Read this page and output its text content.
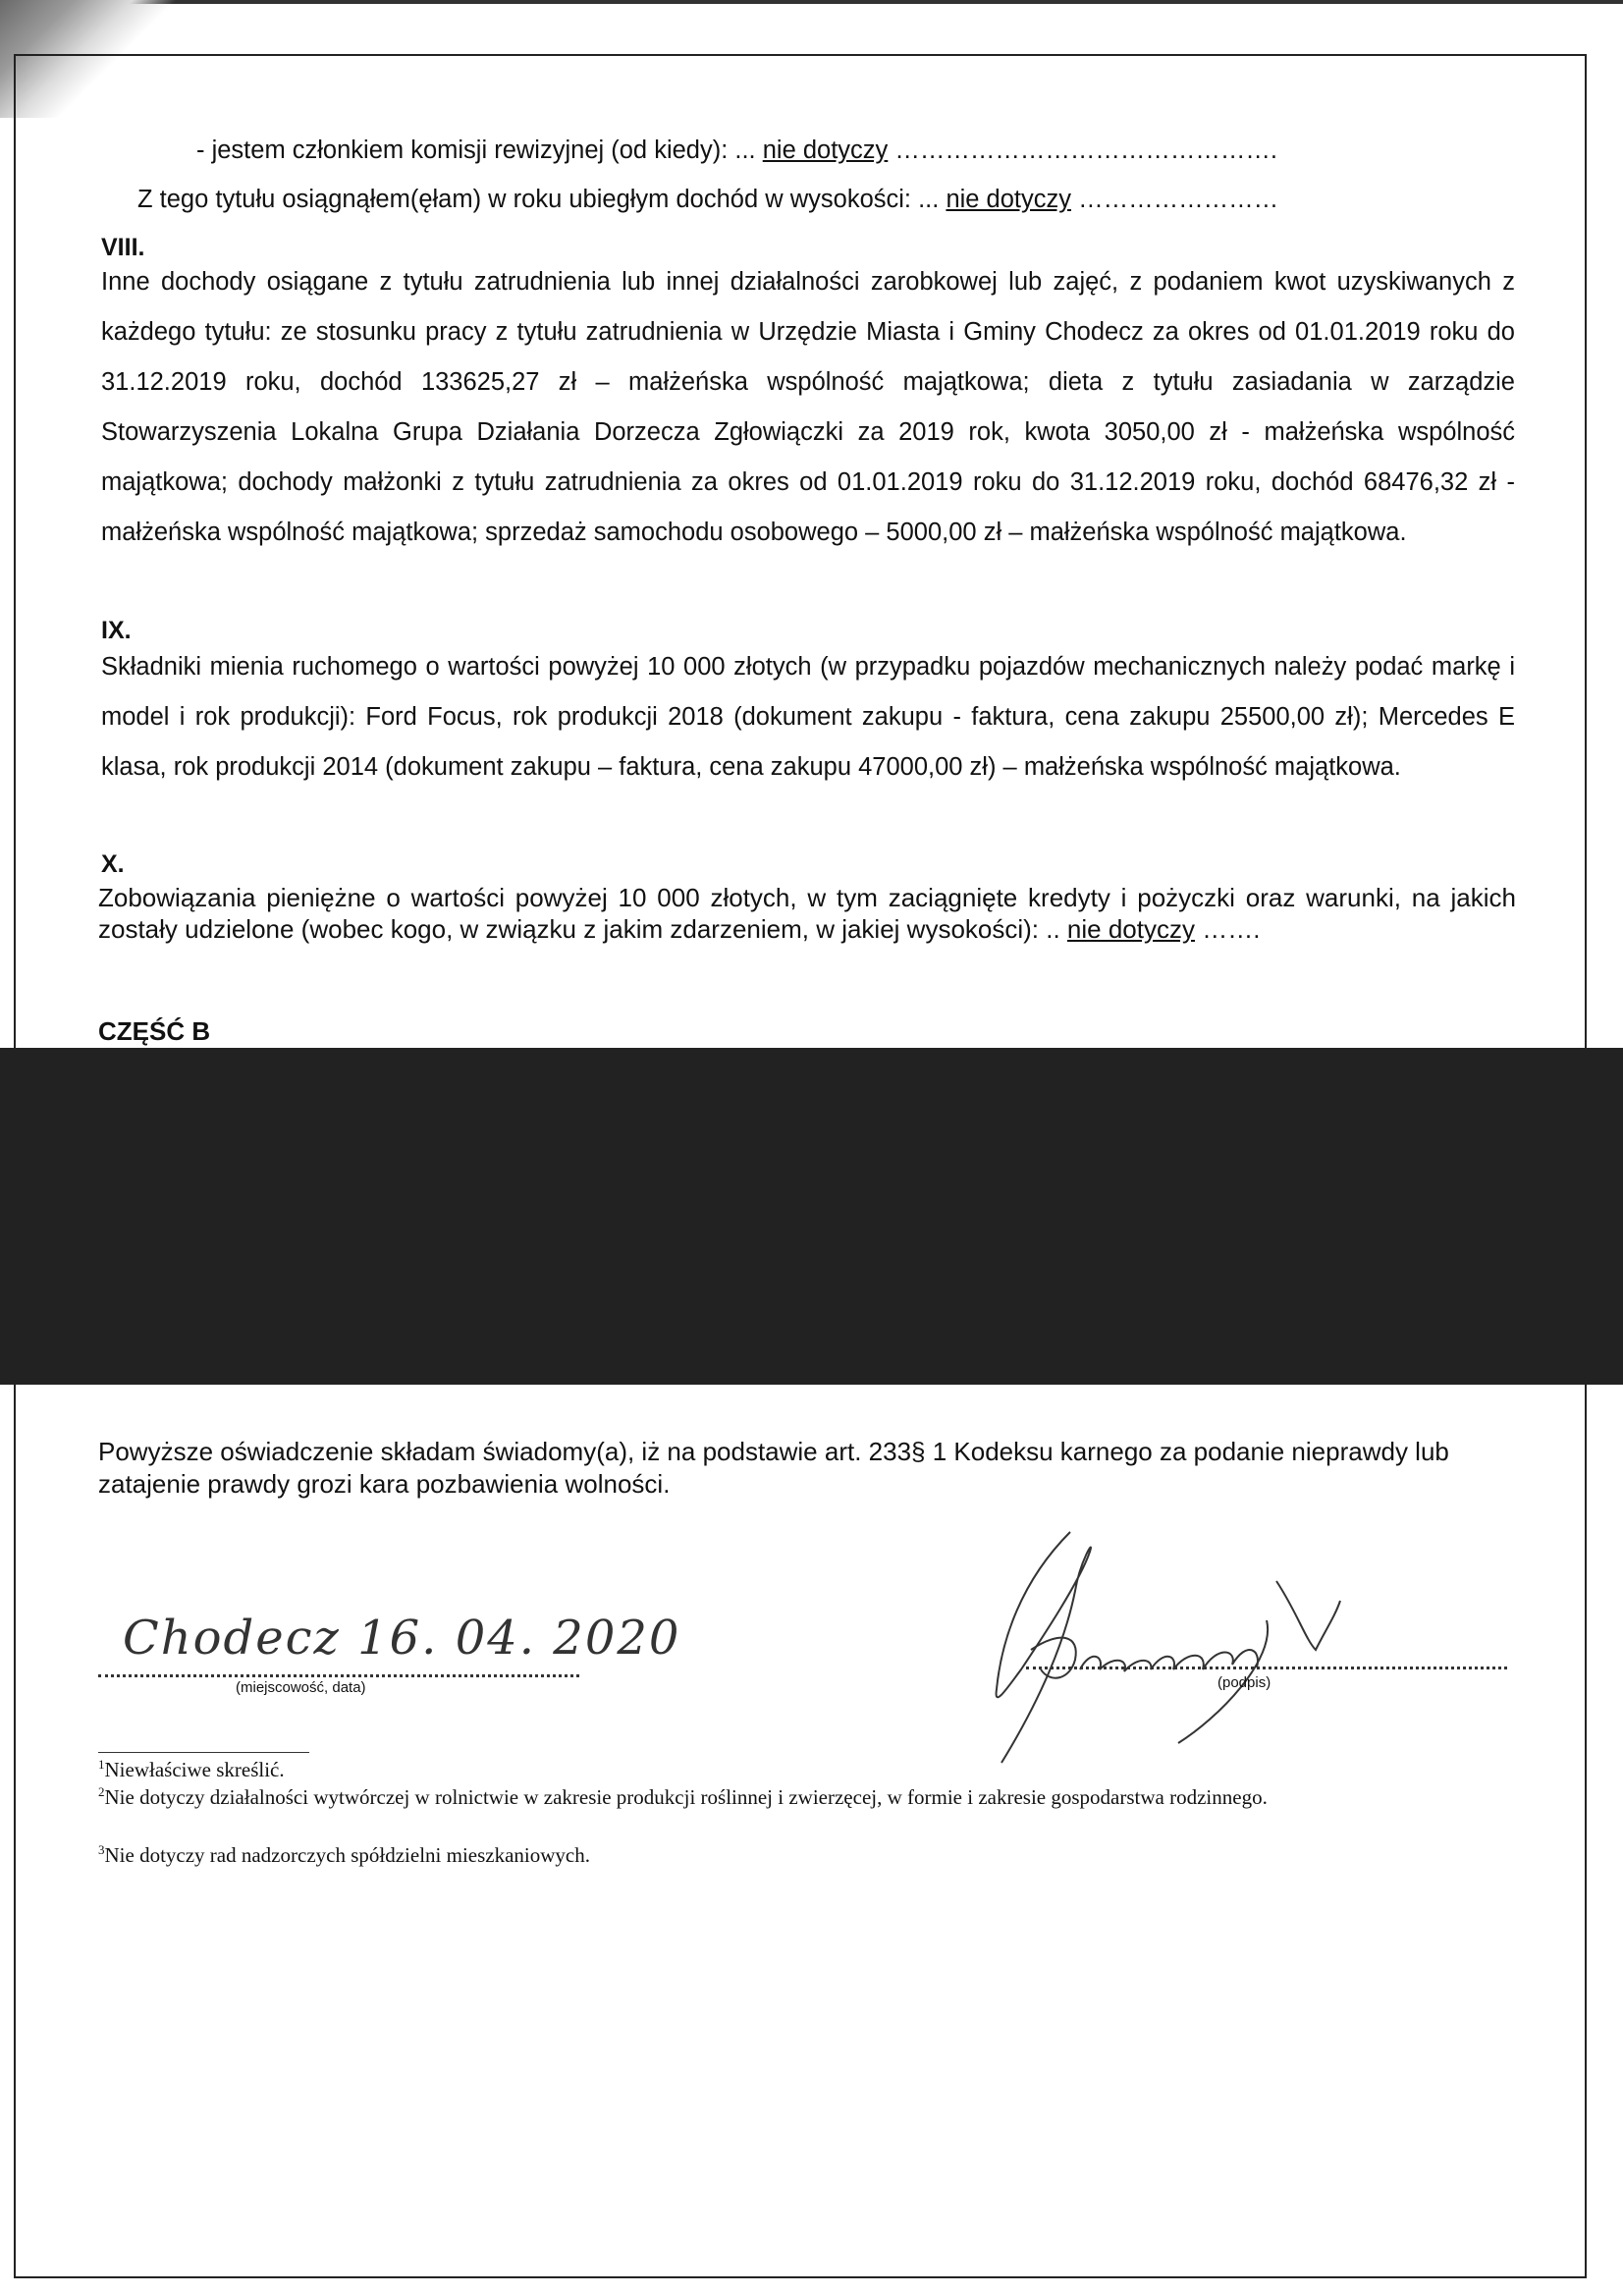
- jestem członkiem komisji rewizyjnej (od kiedy): ... nie dotyczy ……………………………………….
Z tego tytułu osiągnąłem(ęłam) w roku ubiegłym dochód w wysokości: ... nie dotyczy ……………………
VIII.
Inne dochody osiągane z tytułu zatrudnienia lub innej działalności zarobkowej lub zajęć, z podaniem kwot uzyskiwanych z każdego tytułu: ze stosunku pracy z tytułu zatrudnienia w Urzędzie Miasta i Gminy Chodecz za okres od 01.01.2019 roku do 31.12.2019 roku, dochód 133625,27 zł – małżeńska wspólność majątkowa; dieta z tytułu zasiadania w zarządzie Stowarzyszenia Lokalna Grupa Działania Dorzecza Zgłowiączki za 2019 rok, kwota 3050,00 zł - małżeńska wspólność majątkowa; dochody małżonki z tytułu zatrudnienia za okres od 01.01.2019 roku do 31.12.2019 roku, dochód 68476,32 zł - małżeńska wspólność majątkowa; sprzedaż samochodu osobowego – 5000,00 zł – małżeńska wspólność majątkowa.
IX.
Składniki mienia ruchomego o wartości powyżej 10 000 złotych (w przypadku pojazdów mechanicznych należy podać markę i model i rok produkcji): Ford Focus, rok produkcji 2018 (dokument zakupu - faktura, cena zakupu 25500,00 zł); Mercedes E klasa, rok produkcji 2014 (dokument zakupu – faktura, cena zakupu 47000,00 zł) – małżeńska wspólność majątkowa.
X.
Zobowiązania pieniężne o wartości powyżej 10 000 złotych, w tym zaciągnięte kredyty i pożyczki oraz warunki, na jakich zostały udzielone (wobec kogo, w związku z jakim zdarzeniem, w jakiej wysokości): .. nie dotyczy …….
CZĘŚĆ B
Powyższe oświadczenie składam świadomy(a), iż na podstawie art. 233§ 1 Kodeksu karnego za podanie nieprawdy lub zatajenie prawdy grozi kara pozbawienia wolności.
Chodecz 16. 04. 2020
(miejscowość, data)	(podpis)
$^1$Niewłaściwe skreślić.
$^2$Nie dotyczy działalności wytwórczej w rolnictwie w zakresie produkcji roślinnej i zwierzęcej, w formie i zakresie gospodarstwa rodzinnego.
$^3$Nie dotyczy rad nadzorczych spółdzielni mieszkaniowych.
